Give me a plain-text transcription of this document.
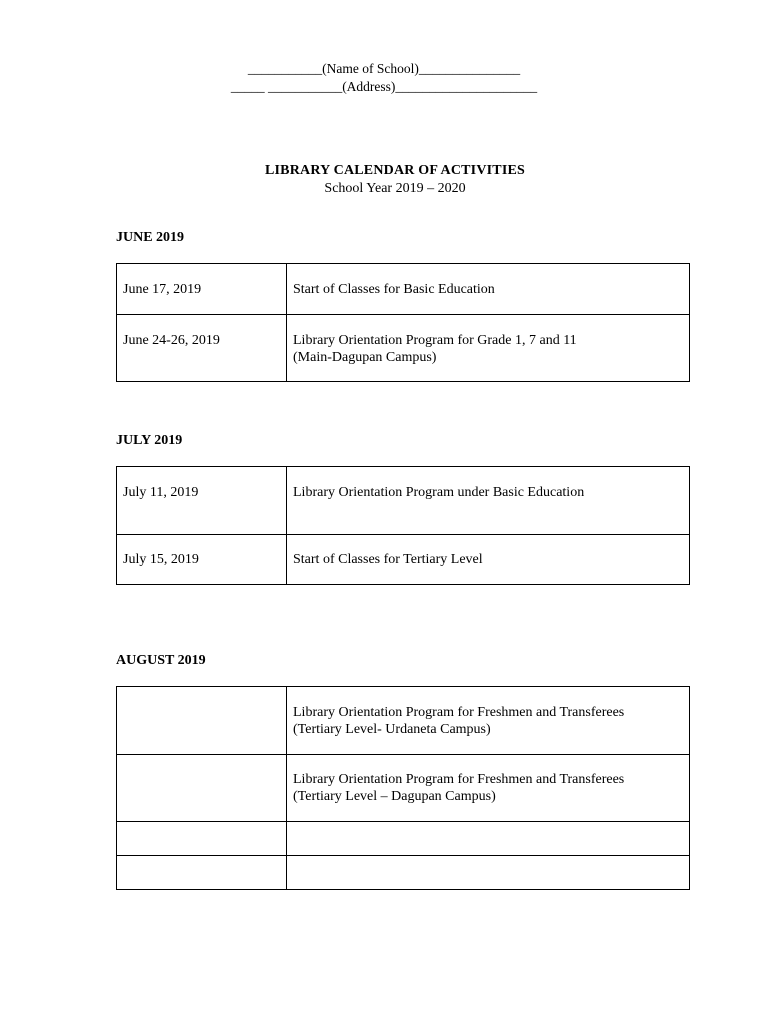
___________(Name of School)_______________
_____ ___________(Address)_____________________
LIBRARY CALENDAR OF ACTIVITIES
School Year 2019 – 2020
JUNE 2019
June 17, 2019	Start of Classes for Basic Education

June 24-26, 2019	Library Orientation Program for Grade 1, 7 and 11
(Main-Dagupan Campus)
JULY 2019
July 11, 2019	Library Orientation Program under Basic Education

July 15, 2019	Start of Classes for Tertiary Level
AUGUST 2019

	Library Orientation Program for Freshmen and Transferees
(Tertiary Level- Urdaneta Campus)

	Library Orientation Program for Freshmen and Transferees
(Tertiary Level – Dagupan Campus)
